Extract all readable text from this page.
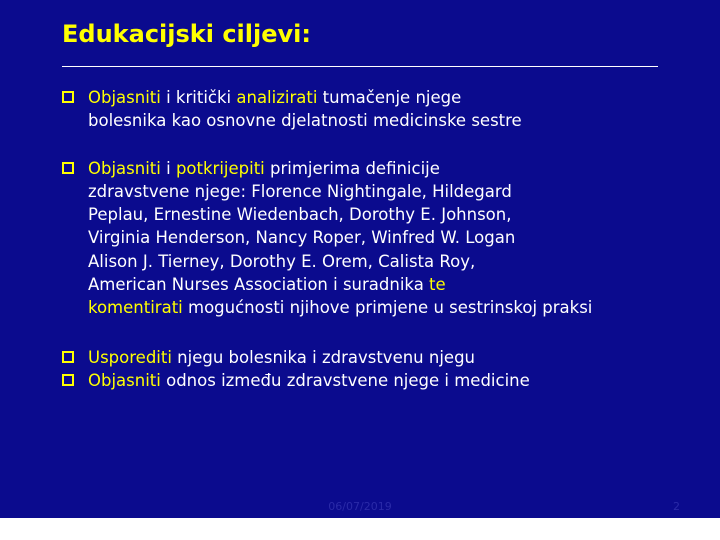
Edukacijski ciljevi:
Objasniti i kritički analizirati tumačenje njege
bolesnika kao osnovne djelatnosti medicinske sestre
Objasniti i potkrijepiti primjerima definicije
zdravstvene njege: Florence Nightingale, Hildegard
Peplau, Ernestine Wiedenbach, Dorothy E. Johnson,
Virginia Henderson, Nancy Roper, Winfred W. Logan
Alison J. Tierney, Dorothy E. Orem, Calista Roy,
American Nurses Association i suradnika te
komentirati mogućnosti njihove primjene u sestrinskoj praksi
Usporediti njegu bolesnika i zdravstvenu njegu
Objasniti odnos između zdravstvene njege i medicine
06/07/2019	2
